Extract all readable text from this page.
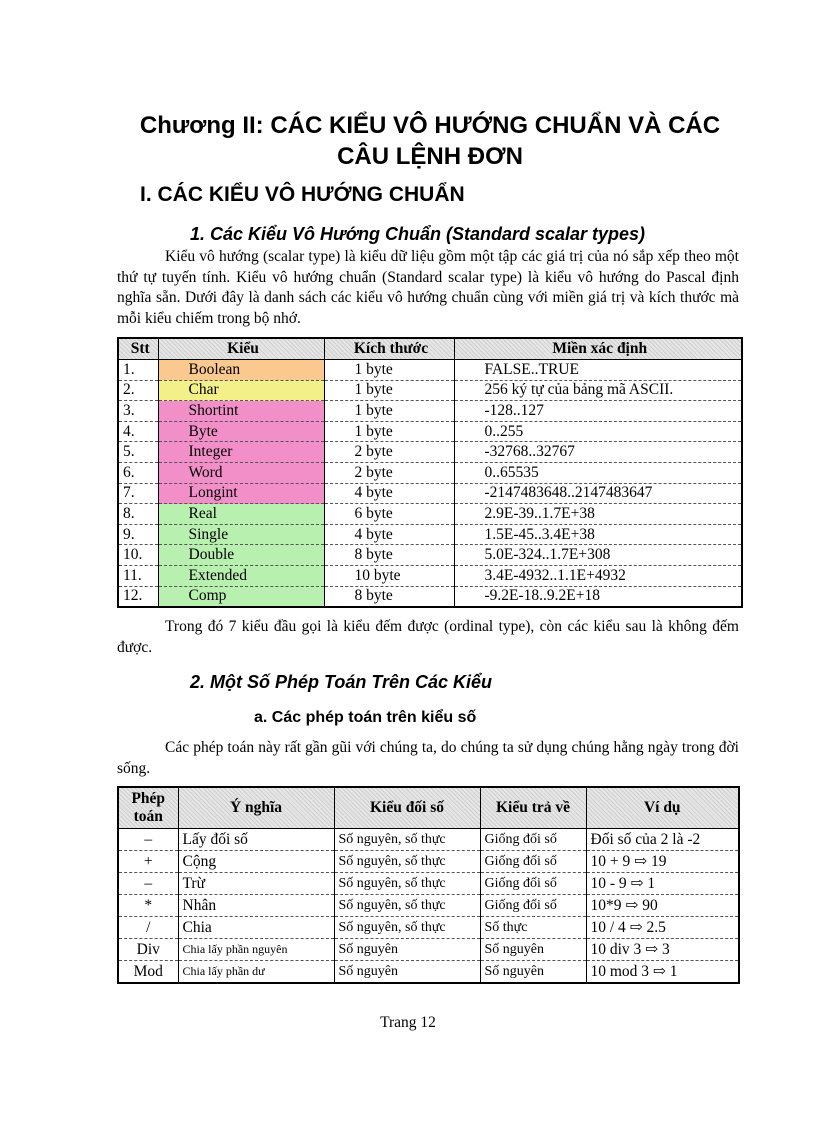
Chương II: CÁC KIỂU VÔ HƯỚNG CHUẨN VÀ CÁC
CÂU LỆNH ĐƠN
I. CÁC KIỂU VÔ HƯỚNG CHUẨN
1. Các Kiểu Vô Hướng Chuẩn (Standard scalar types)
Kiểu vô hướng (scalar type) là kiểu dữ liệu gồm một tập các giá trị của nó sắp xếp theo một thứ tự tuyến tính. Kiểu vô hướng chuẩn (Standard scalar type) là kiểu vô hướng do Pascal định nghĩa sẵn. Dưới đây là danh sách các kiểu vô hướng chuẩn cùng với miền giá trị và kích thước mà mỗi kiểu chiếm trong bộ nhớ.
Stt	Kiểu	Kích thước	Miền xác định
1.	Boolean	1 byte	FALSE..TRUE
2.	Char	1 byte	256 ký tự của bảng mã ASCII.
3.	Shortint	1 byte	-128..127
4.	Byte	1 byte	0..255
5.	Integer	2 byte	-32768..32767
6.	Word	2 byte	0..65535
7.	Longint	4 byte	-2147483648..2147483647
8.	Real	6 byte	2.9E-39..1.7E+38
9.	Single	4 byte	1.5E-45..3.4E+38
10.	Double	8 byte	5.0E-324..1.7E+308
11.	Extended	10 byte	3.4E-4932..1.1E+4932
12.	Comp	8 byte	-9.2E-18..9.2E+18
Trong đó 7 kiểu đầu gọi là kiểu đếm được (ordinal type), còn các kiểu sau là không đếm được.
2. Một Số Phép Toán Trên Các Kiểu
a. Các phép toán trên kiểu số
Các phép toán này rất gần gũi với chúng ta, do chúng ta sử dụng chúng hằng ngày trong đời sống.
Phép
toán	Ý nghĩa	Kiểu đối số	Kiểu trả về	Ví dụ
–	Lấy đối số	Số nguyên, số thực	Giống đối số	Đối số của 2 là -2
+	Cộng	Số nguyên, số thực	Giống đối số	10 + 9 ⇨ 19
–	Trừ	Số nguyên, số thực	Giống đối số	10 - 9 ⇨ 1
*	Nhân	Số nguyên, số thực	Giống đối số	10*9 ⇨ 90
/	Chia	Số nguyên, số thực	Số thực	10 / 4 ⇨ 2.5
Div	Chia lấy phần nguyên	Số nguyên	Số nguyên	10 div 3 ⇨ 3
Mod	Chia lấy phần dư	Số nguyên	Số nguyên	10 mod 3 ⇨ 1
Trang 12
